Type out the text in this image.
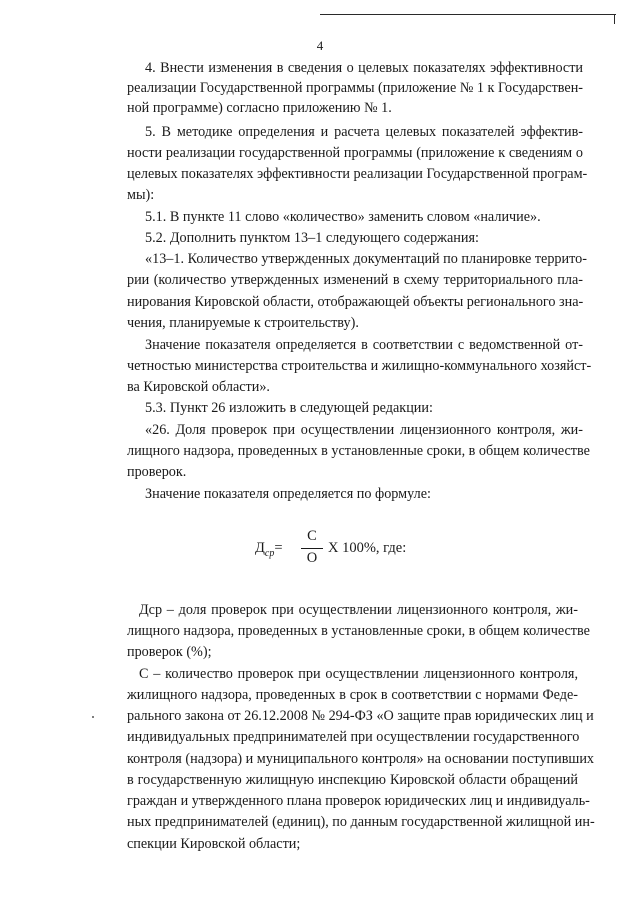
4
4. Внести изменения в сведения о целевых показателях эффективности
реализации Государственной программы (приложение № 1 к Государствен-
ной программе) согласно приложению № 1.
5. В методике определения и расчета целевых показателей эффектив-
ности реализации государственной программы (приложение к сведениям о
целевых показателях эффективности реализации Государственной програм-
мы):
5.1. В пункте 11 слово «количество» заменить словом «наличие».
5.2. Дополнить пунктом 13–1 следующего содержания:
«13–1. Количество утвержденных документаций по планировке террито-
рии (количество утвержденных изменений в схему территориального пла-
нирования Кировской области, отображающей объекты регионального зна-
чения, планируемые к строительству).
Значение показателя определяется в соответствии с ведомственной от-
четностью министерства строительства и жилищно-коммунального хозяйст-
ва Кировской области».
5.3. Пункт 26 изложить в следующей редакции:
«26. Доля проверок при осуществлении лицензионного контроля, жи-
лищного надзора, проведенных в установленные сроки, в общем количестве
проверок.
Значение показателя определяется по формуле:
Дср – доля проверок при осуществлении лицензионного контроля, жи-
лищного надзора, проведенных в установленные сроки, в общем количестве
проверок (%);
С – количество проверок при осуществлении лицензионного контроля,
жилищного надзора, проведенных в срок в соответствии с нормами Феде-
рального закона от 26.12.2008 № 294-ФЗ «О защите прав юридических лиц и
индивидуальных предпринимателей при осуществлении государственного
контроля (надзора) и муниципального контроля» на основании поступивших
в государственную жилищную инспекцию Кировской области обращений
граждан и утвержденного плана проверок юридических лиц и индивидуаль-
ных предпринимателей (единиц), по данным государственной жилищной ин-
спекции Кировской области;
$Д_{ср}=$
С
О
Х 100%, где:
